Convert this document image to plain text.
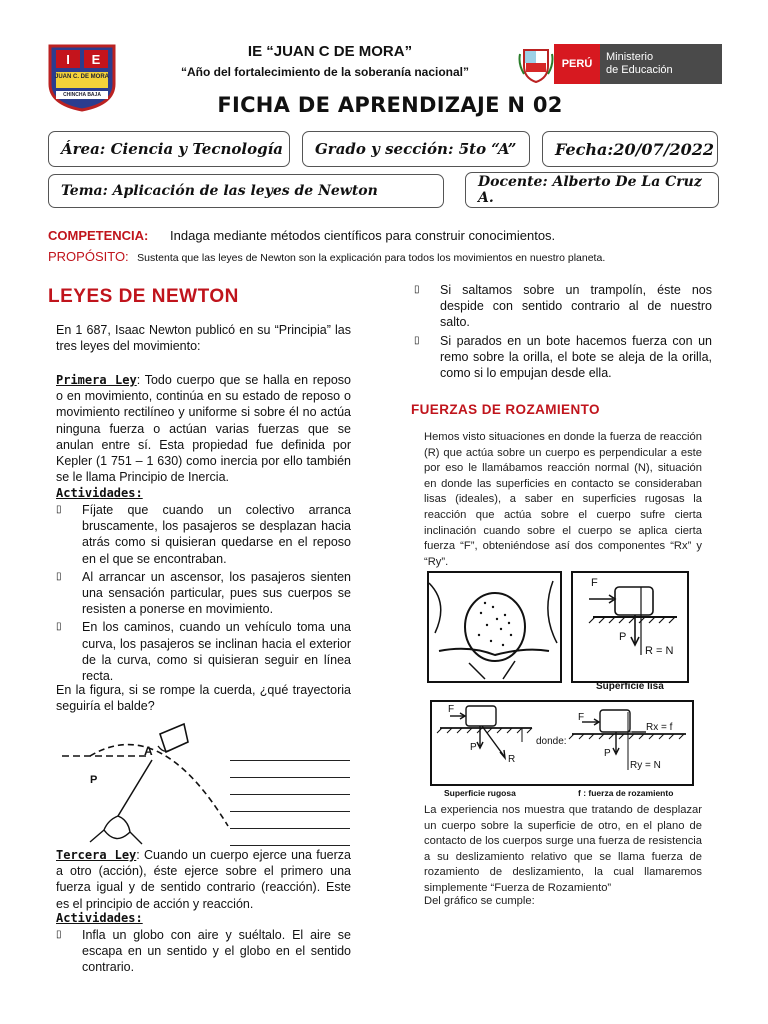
I E
JUAN C. DE MORA
CHINCHA BAJA
IE “JUAN C DE MORA”
“Año del fortalecimiento de la soberanía nacional”
FICHA DE APRENDIZAJE N 02
PERÚ
Ministerio
de Educación
Área: Ciencia y Tecnología Grado y sección: 5to “A” Fecha:20/07/2022
Tema: Aplicación de las leyes de Newton
Docente: Alberto De La Cruz A.
COMPETENCIA: Indaga mediante métodos científicos para construir conocimientos.
PROPÓSITO: Sustenta que las leyes de Newton son la explicación para todos los movimientos en nuestro planeta.
LEYES DE NEWTON
En 1 687, Isaac Newton publicó en su “Principia” las tres leyes del movimiento:
Primera Ley: Todo cuerpo que se halla en reposo o en movimiento, continúa en su estado de reposo o movimiento rectilíneo y uniforme si sobre él no actúa ninguna fuerza o actúan varias fuerzas que se anulan entre sí. Esta propiedad fue definida por Kepler (1 751 – 1 630) como inercia por ello también se le llama Principio de Inercia.
Actividades:
▯	Fíjate que cuando un colectivo arranca bruscamente, los pasajeros se desplazan hacia atrás como si quisieran quedarse en el reposo en el que se encontraban.
▯	Al arrancar un ascensor, los pasajeros sienten una sensación particular, pues sus cuerpos se resisten a ponerse en movimiento.
▯	En los caminos, cuando un vehículo toma una curva, los pasajeros se inclinan hacia el exterior de la curva, como si quisieran seguir en línea recta.
En la figura, si se rompe la cuerda, ¿qué trayectoria seguiría el balde?
A
P
Tercera Ley: Cuando un cuerpo ejerce una fuerza a otro (acción), éste ejerce sobre el primero una fuerza igual y de sentido contrario (reacción). Este es el principio de acción y reacción.
Actividades:
▯	Infla un globo con aire y suéltalo. El aire se escapa en un sentido y el globo en el sentido contrario.
▯	Si saltamos sobre un trampolín, éste nos despide con sentido contrario al de nuestro salto.
▯	Si parados en un bote hacemos fuerza con un remo sobre la orilla, el bote se aleja de la orilla, como si lo empujan desde ella.
FUERZAS DE ROZAMIENTO
Hemos visto situaciones en donde la fuerza de reacción (R) que actúa sobre un cuerpo es perpendicular a este por eso le llamábamos reacción normal (N), situación en donde las superficies en contacto se consideraban lisas (ideales), a saber en superficies rugosas la reacción que actúa sobre el cuerpo sufre cierta inclinación cuando sobre el cuerpo se aplica cierta fuerza “F”, obteniéndose así dos componentes “Rx” y “Ry”.
F
P
R = N
Superficie lisa
F
P
R
donde:
F
Rx = f
P
Ry = N
Superficie rugosa	f : fuerza de rozamiento
La experiencia nos muestra que tratando de desplazar un cuerpo sobre la superficie de otro, en el plano de contacto de los cuerpos surge una fuerza de resistencia a su deslizamiento relativo que se llama fuerza de rozamiento de deslizamiento, la cual llamaremos simplemente “Fuerza de Rozamiento”
Del gráfico se cumple:
